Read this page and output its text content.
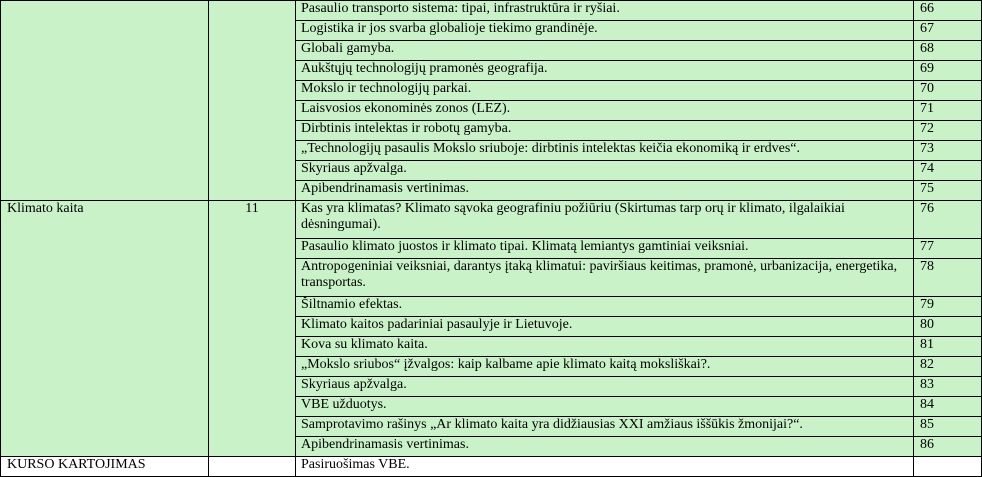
		Pasaulio transporto sistema: tipai, infrastruktūra ir ryšiai.	66
		Logistika ir jos svarba globalioje tiekimo grandinėje.	67
		Globali gamyba.	68
		Aukštųjų technologijų pramonės geografija.	69
		Mokslo ir technologijų parkai.	70
		Laisvosios ekonominės zonos (LEZ).	71
		Dirbtinis intelektas ir robotų gamyba.	72
		„Technologijų pasaulis Mokslo sriuboje: dirbtinis intelektas keičia ekonomiką ir erdves“.	73
		Skyriaus apžvalga.	74
		Apibendrinamasis vertinimas.	75
Klimato kaita	11	Kas yra klimatas? Klimato sąvoka geografiniu požiūriu (Skirtumas tarp orų ir klimato, ilgalaikiai dėsningumai).	76
		Pasaulio klimato juostos ir klimato tipai. Klimatą lemiantys gamtiniai veiksniai.	77
		Antropogeniniai veiksniai, darantys įtaką klimatui: paviršiaus keitimas, pramonė, urbanizacija, energetika, transportas.	78
		Šiltnamio efektas.	79
		Klimato kaitos padariniai pasaulyje ir Lietuvoje.	80
		Kova su klimato kaita.	81
		„Mokslo sriubos“ įžvalgos: kaip kalbame apie klimato kaitą moksliškai?.	82
		Skyriaus apžvalga.	83
		VBE užduotys.	84
		Samprotavimo rašinys „Ar klimato kaita yra didžiausias XXI amžiaus iššūkis žmonijai?“.	85
		Apibendrinamasis vertinimas.	86
KURSO KARTOJIMAS		Pasiruošimas VBE.	
